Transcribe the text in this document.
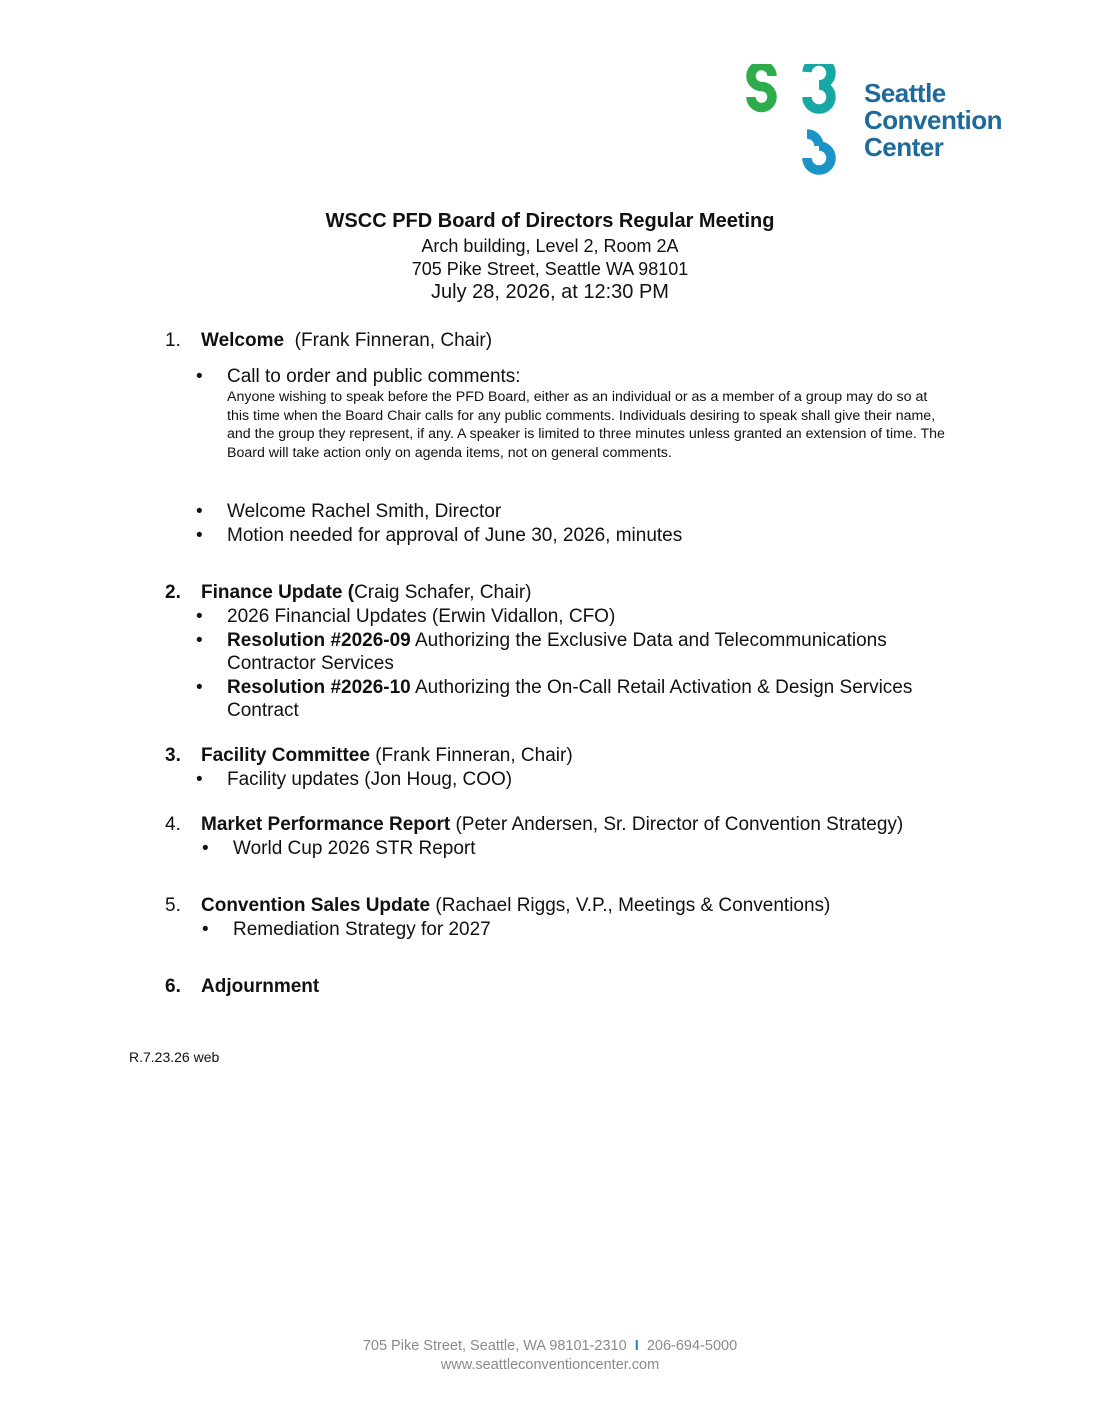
Seattle
Convention
Center
WSCC PFD Board of Directors Regular Meeting
Arch building, Level 2, Room 2A
705 Pike Street, Seattle WA 98101
July 28, 2026, at 12:30 PM
1. Welcome (Frank Finneran, Chair)
• Call to order and public comments:
Anyone wishing to speak before the PFD Board, either as an individual or as a member of a group may do so at this time when the Board Chair calls for any public comments. Individuals desiring to speak shall give their name, and the group they represent, if any. A speaker is limited to three minutes unless granted an extension of time. The Board will take action only on agenda items, not on general comments.
• Welcome Rachel Smith, Director
• Motion needed for approval of June 30, 2026, minutes
2. Finance Update (Craig Schafer, Chair)
• 2026 Financial Updates (Erwin Vidallon, CFO)
• Resolution #2026-09 Authorizing the Exclusive Data and Telecommunications
Contractor Services
• Resolution #2026-10 Authorizing the On-Call Retail Activation & Design Services
Contract
3. Facility Committee (Frank Finneran, Chair)
• Facility updates (Jon Houg, COO)
4. Market Performance Report (Peter Andersen, Sr. Director of Convention Strategy)
• World Cup 2026 STR Report
5. Convention Sales Update (Rachael Riggs, V.P., Meetings & Conventions)
• Remediation Strategy for 2027
6. Adjournment
R.7.23.26 web
705 Pike Street, Seattle, WA 98101-2310 I 206-694-5000
www.seattleconventioncenter.com
